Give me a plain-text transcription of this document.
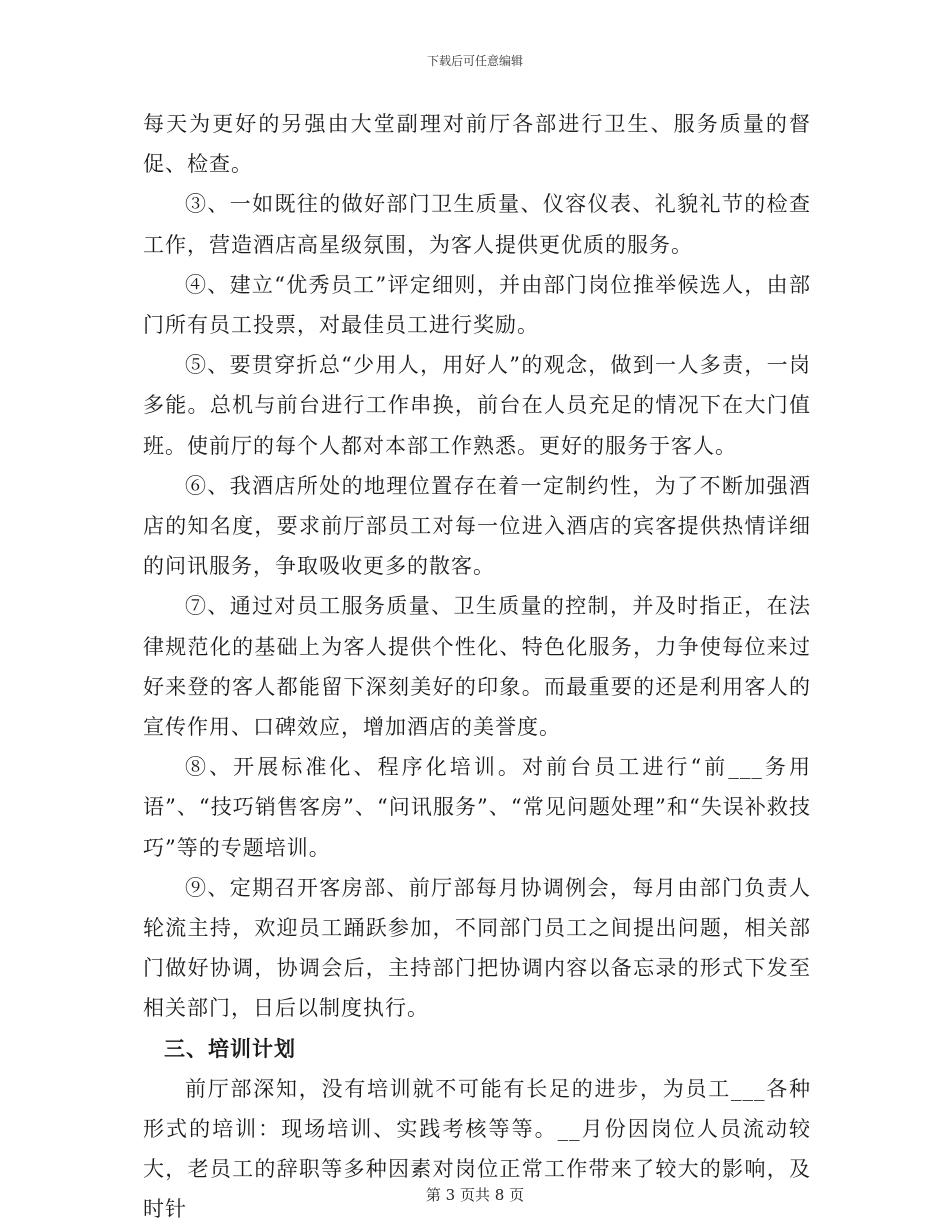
下载后可任意编辑

每天为更好的另强由大堂副理对前厅各部进行卫生、服务质量的督促、检查。

③、一如既往的做好部门卫生质量、仪容仪表、礼貌礼节的检查工作，营造酒店高星级氛围，为客人提供更优质的服务。

④、建立“优秀员工”评定细则，并由部门岗位推举候选人，由部门所有员工投票，对最佳员工进行奖励。

⑤、要贯穿折总“少用人，用好人”的观念，做到一人多责，一岗多能。总机与前台进行工作串换，前台在人员充足的情况下在大门值班。使前厅的每个人都对本部工作熟悉。更好的服务于客人。

⑥、我酒店所处的地理位置存在着一定制约性，为了不断加强酒店的知名度，要求前厅部员工对每一位进入酒店的宾客提供热情详细的问讯服务，争取吸收更多的散客。

⑦、通过对员工服务质量、卫生质量的控制，并及时指正，在法律规范化的基础上为客人提供个性化、特色化服务，力争使每位来过好来登的客人都能留下深刻美好的印象。而最重要的还是利用客人的宣传作用、口碑效应，增加酒店的美誉度。

⑧、开展标准化、程序化培训。对前台员工进行“前___务用语”、“技巧销售客房”、“问讯服务”、“常见问题处理”和“失误补救技巧”等的专题培训。

⑨、定期召开客房部、前厅部每月协调例会，每月由部门负责人轮流主持，欢迎员工踊跃参加，不同部门员工之间提出问题，相关部门做好协调，协调会后，主持部门把协调内容以备忘录的形式下发至相关部门，日后以制度执行。

三、培训计划

前厅部深知，没有培训就不可能有长足的进步，为员工___各种形式的培训：现场培训、实践考核等等。__月份因岗位人员流动较大，老员工的辞职等多种因素对岗位正常工作带来了较大的影响，及时针

第 3 页共 8 页
